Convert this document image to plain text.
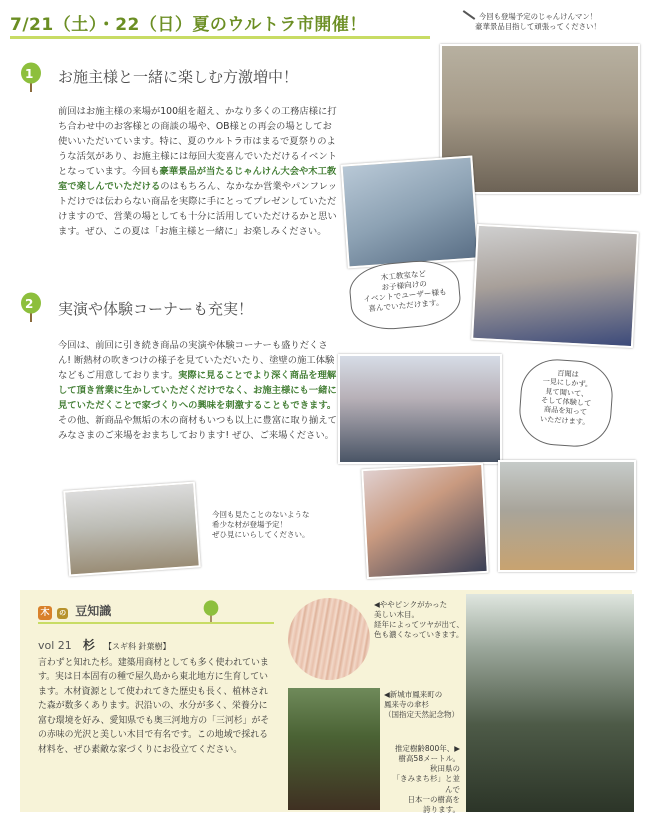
7/21（土）・22（日）夏のウルトラ市開催！	今回も登場予定のじゃんけんマン！
豪華景品目指して頑張ってください！
1 お施主様と一緒に楽しむ方激増中！
前回はお施主様の来場が100組を超え、かなり多くの工務店様に打ち合わせ中のお客様との商談の場や、OB様との再会の場としてお使いいただいています。特に、夏のウルトラ市はまるで夏祭りのような活気があり、お施主様には毎回大変喜んでいただけるイベントとなっています。今回も豪華景品が当たるじゃんけん大会や木工教室で楽しんでいただけるのはもちろん、なかなか営業やパンフレットだけでは伝わらない商品を実際に手にとってプレゼンしていただけますので、営業の場としても十分に活用していただけるかと思います。ぜひ、この夏は「お施主様と一緒に」お楽しみください。
木工教室など
お子様向けの
イベントでユーザー様も
喜んでいただけます。
2 実演や体験コーナーも充実！
今回は、前回に引き続き商品の実演や体験コーナーも盛りだくさん! 断熱材の吹きつけの様子を見ていただいたり、塗壁の施工体験などもご用意しております。実際に見ることでより深く商品を理解して頂き営業に生かしていただくだけでなく、お施主様にも一緒に見ていただくことで家づくりへの興味を刺激することもできます。その他、新商品や無垢の木の商材もいつも以上に豊富に取り揃えてみなさまのご来場をおまちしております! ぜひ、ご来場ください。
百聞は
一見にしかず。
見て聞いて、
そして体験して
商品を知って
いただけます。
今回も見たことのないような
希少な材が登場予定！
ぜひ見にいらしてください。
木 の 豆知識
vol 21 杉 【スギ科 針葉樹】
言わずと知れた杉。建築用商材としても多く使われています。実は日本固有の種で屋久島から東北地方に生育しています。木材資源として使われてきた歴史も長く、植林された森が数多くあります。沢沿いの、水分が多く、栄養分に富む環境を好み、愛知県でも奥三河地方の「三河杉」がその赤味の光沢と美しい木目で有名です。この地域で採れる材料を、ぜひ素敵な家づくりにお役立てください。
◀ややピンクがかった
美しい木目。
経年によってツヤが出て、
色も濃くなっていきます。
◀新城市鳳来町の
鳳来寺の傘杉
（国指定天然記念物）
推定樹齢800年、▶
樹高58メートル。
秋田県の
「きみまち杉」と並んで
日本一の樹高を
誇ります。
